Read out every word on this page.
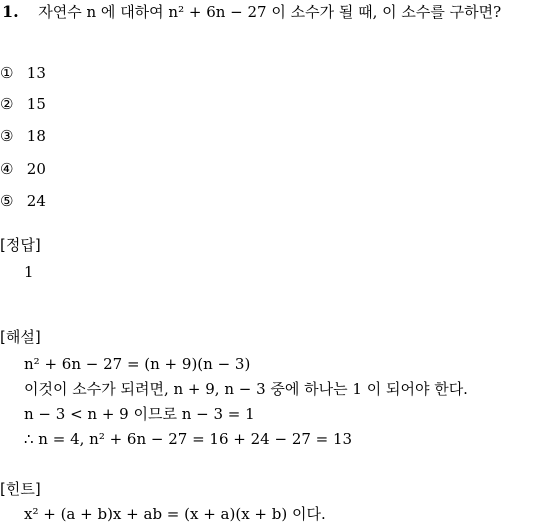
1. 자연수 n 에 대하여 n² + 6n − 27 이 소수가 될 때, 이 소수를 구하면?
① 13
② 15
③ 18
④ 20
⑤ 24
[정답]
1
[해설]
n² + 6n − 27 = (n + 9)(n − 3)
이것이 소수가 되려면, n + 9, n − 3 중에 하나는 1 이 되어야 한다.
n − 3 < n + 9 이므로 n − 3 = 1
∴ n = 4, n² + 6n − 27 = 16 + 24 − 27 = 13
[힌트]
x² + (a + b)x + ab = (x + a)(x + b) 이다.
